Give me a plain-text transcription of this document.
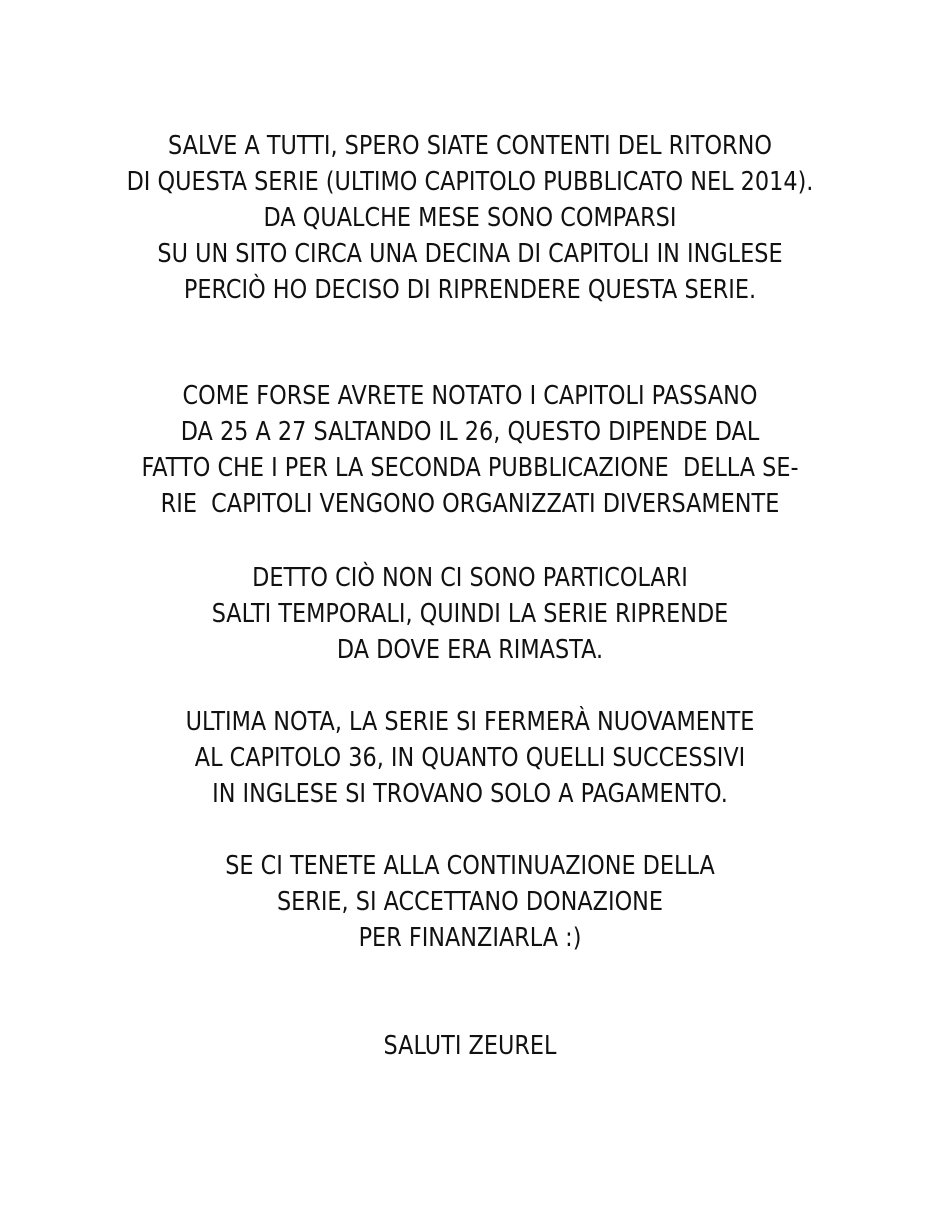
SALVE A TUTTI, SPERO SIATE CONTENTI DEL RITORNO
DI QUESTA SERIE (ULTIMO CAPITOLO PUBBLICATO NEL 2014).
DA QUALCHE MESE SONO COMPARSI
SU UN SITO CIRCA UNA DECINA DI CAPITOLI IN INGLESE
PERCIÒ HO DECISO DI RIPRENDERE QUESTA SERIE.
COME FORSE AVRETE NOTATO I CAPITOLI PASSANO
DA 25 A 27 SALTANDO IL 26, QUESTO DIPENDE DAL
FATTO CHE I PER LA SECONDA PUBBLICAZIONE  DELLA SE-
RIE  CAPITOLI VENGONO ORGANIZZATI DIVERSAMENTE
DETTO CIÒ NON CI SONO PARTICOLARI
SALTI TEMPORALI, QUINDI LA SERIE RIPRENDE
DA DOVE ERA RIMASTA.
ULTIMA NOTA, LA SERIE SI FERMERÀ NUOVAMENTE
AL CAPITOLO 36, IN QUANTO QUELLI SUCCESSIVI
IN INGLESE SI TROVANO SOLO A PAGAMENTO.
SE CI TENETE ALLA CONTINUAZIONE DELLA
SERIE, SI ACCETTANO DONAZIONE
PER FINANZIARLA :)
SALUTI ZEUREL
